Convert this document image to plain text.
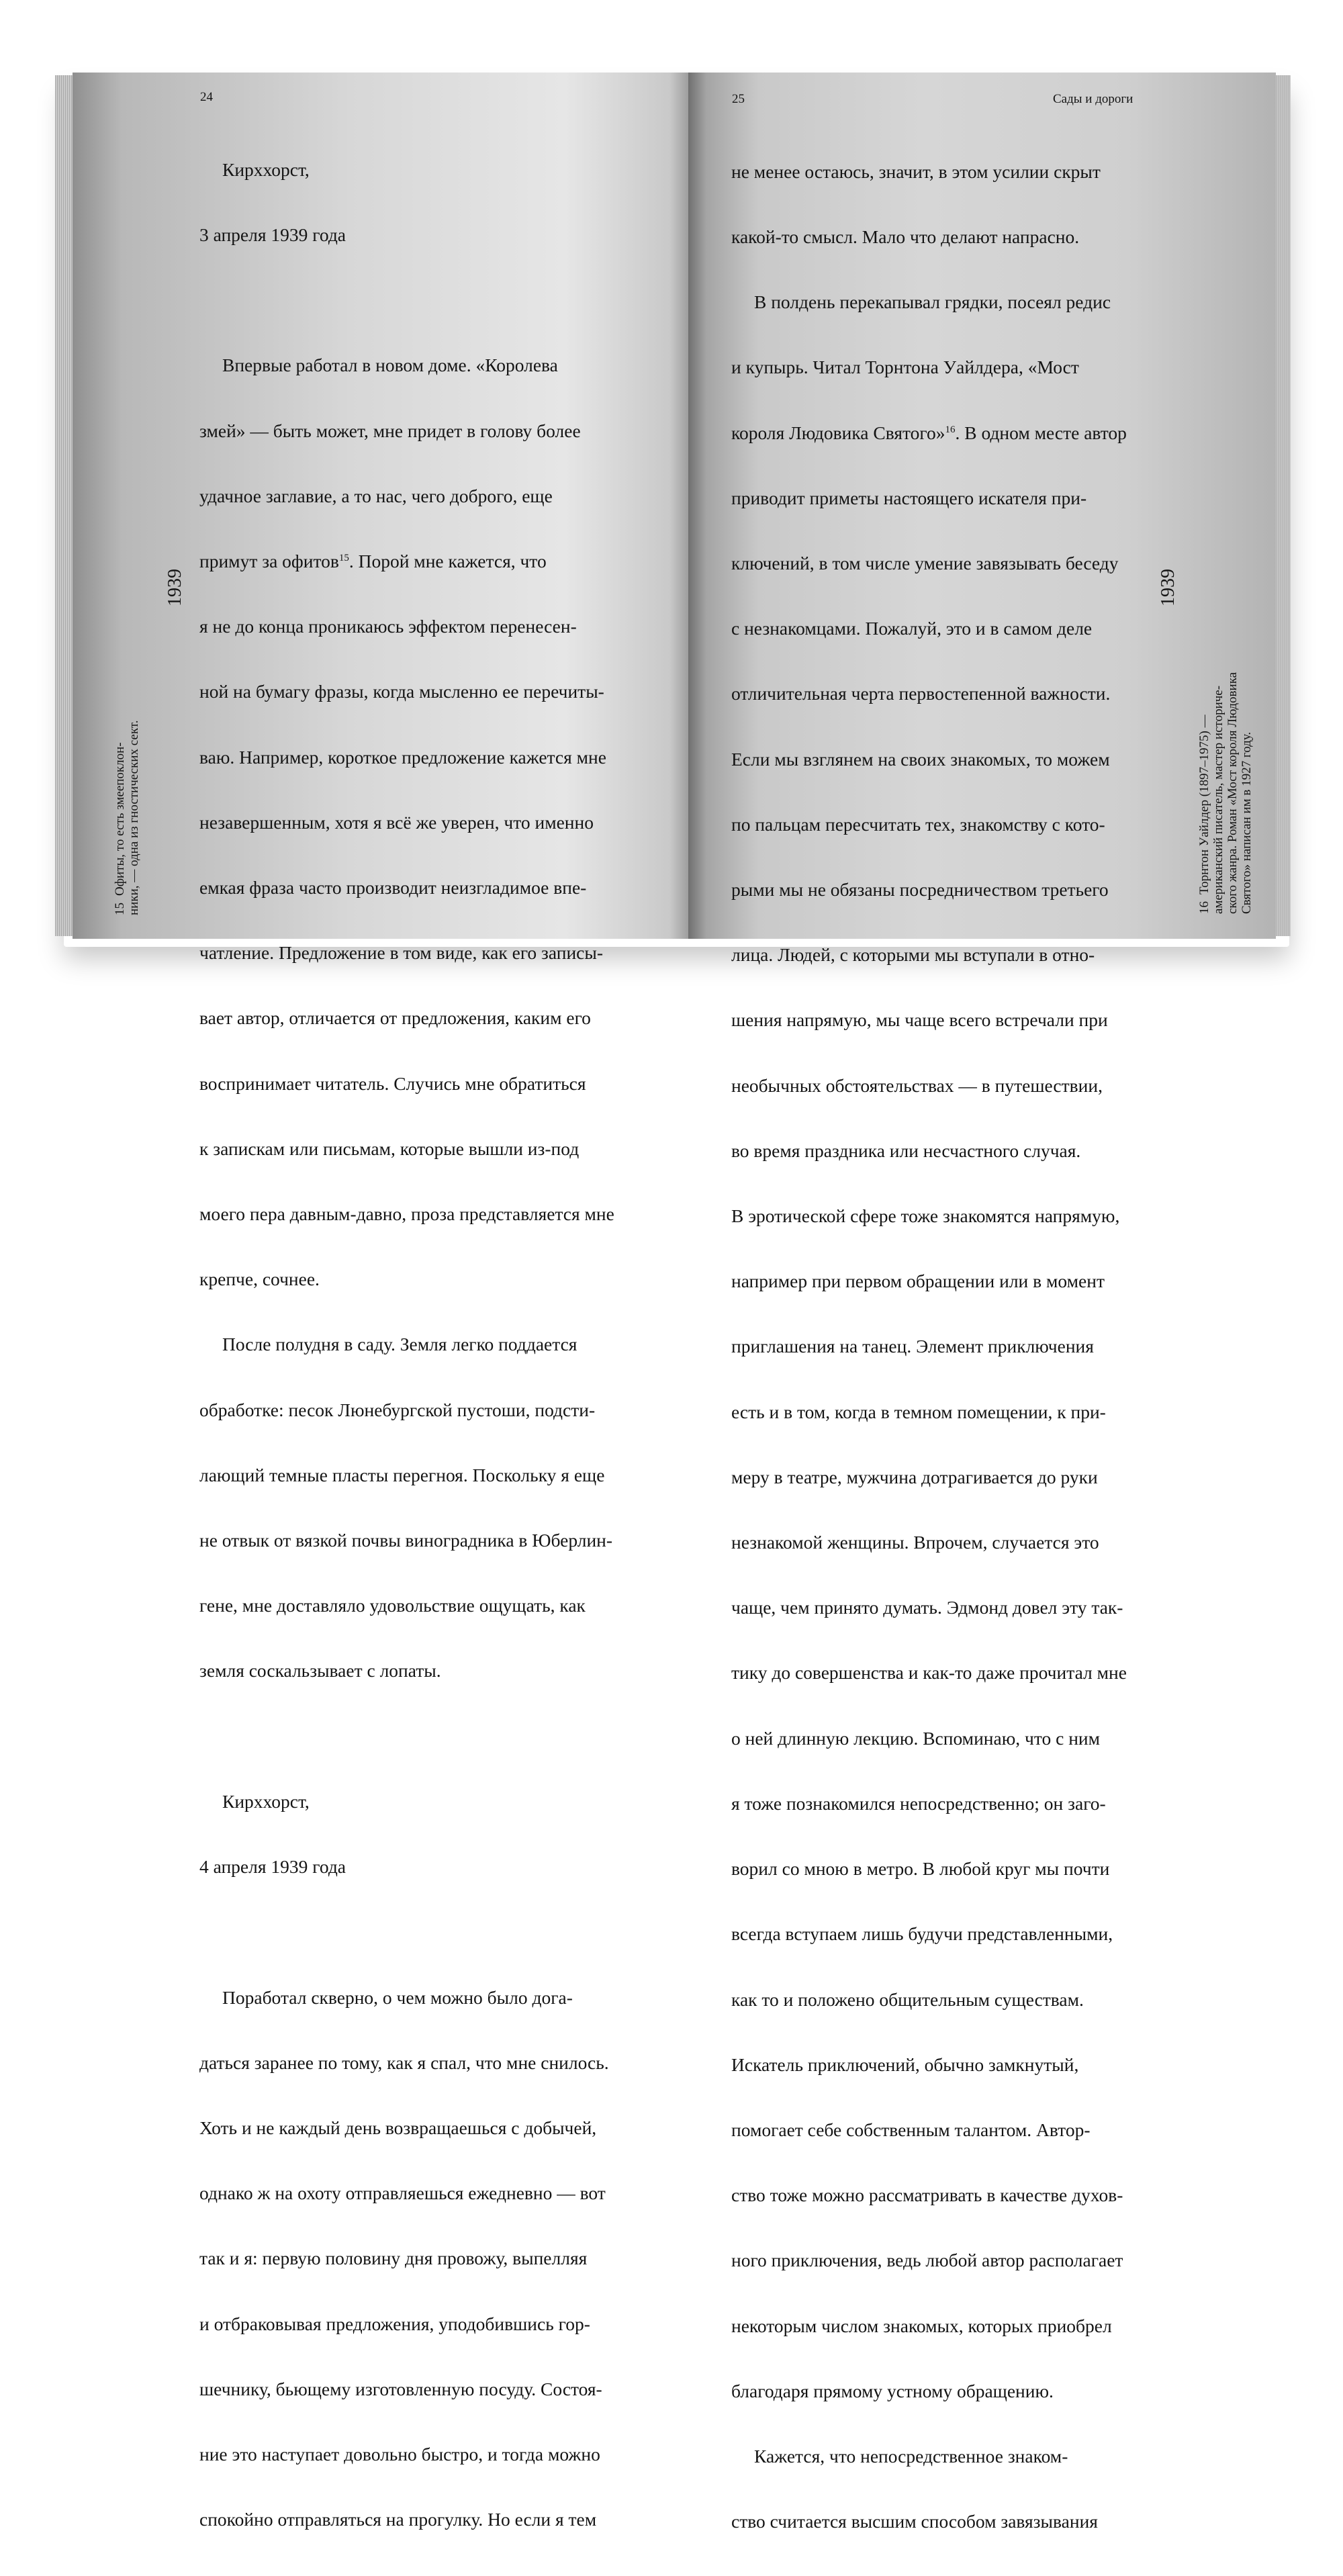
24
1939
15Офиты, то есть змеепоклон-
ники, — одна из гностических сект.

Кирххорст,

3 апреля 1939 года

Впервые работал в новом доме. «Королева

змей» — быть может, мне придет в голову более

удачное заглавие, а то нас, чего доброго, еще

примут за офитов$^{15}$. Порой мне кажется, что

я не до конца проникаюсь эффектом перенесен-

ной на бумагу фразы, когда мысленно ее перечиты-

ваю. Например, короткое предложение кажется мне

незавершенным, хотя я всё же уверен, что именно

емкая фраза часто производит неизгладимое впе-

чатление. Предложение в том виде, как его записы-

вает автор, отличается от предложения, каким его

воспринимает читатель. Случись мне обратиться

к запискам или письмам, которые вышли из-под

моего пера давным-давно, проза представляется мне

крепче, сочнее.

После полудня в саду. Земля легко поддается

обработке: песок Люнебургской пустоши, подсти-

лающий темные пласты перегноя. Поскольку я еще

не отвык от вязкой почвы виноградника в Юберлин-

гене, мне доставляло удовольствие ощущать, как

земля соскальзывает с лопаты.

Кирххорст,

4 апреля 1939 года

Поработал скверно, о чем можно было дога-

даться заранее по тому, как я спал, что мне снилось.

Хоть и не каждый день возвращаешься с добычей,

однако ж на охоту отправляешься ежедневно — вот

так и я: первую половину дня провожу, выпелляя

и отбраковывая предложения, уподобившись гор-

шечнику, бьющему изготовленную посуду. Состоя-

ние это наступает довольно быстро, и тогда можно

спокойно отправляться на прогулку. Но если я тем

25	Сады и дороги
1939
16Торнтон Уайлдер (1897–1975) —
американский писатель, мастер историче-
ского жанра. Роман «Мост короля Людовика
Святого» написан им в 1927 году.

не менее остаюсь, значит, в этом усилии скрыт

какой-то смысл. Мало что делают напрасно.

В полдень перекапывал грядки, посеял редис

и купырь. Читал Торнтона Уайлдера, «Мост

короля Людовика Святого»$^{16}$. В одном месте автор

приводит приметы настоящего искателя при-

ключений, в том числе умение завязывать беседу

с незнакомцами. Пожалуй, это и в самом деле

отличительная черта первостепенной важности.

Если мы взглянем на своих знакомых, то можем

по пальцам пересчитать тех, знакомству с кото-

рыми мы не обязаны посредничеством третьего

лица. Людей, с которыми мы вступали в отно-

шения напрямую, мы чаще всего встречали при

необычных обстоятельствах — в путешествии,

во время праздника или несчастного случая.

В эротической сфере тоже знакомятся напрямую,

например при первом обращении или в момент

приглашения на танец. Элемент приключения

есть и в том, когда в темном помещении, к при-

меру в театре, мужчина дотрагивается до руки

незнакомой женщины. Впрочем, случается это

чаще, чем принято думать. Эдмонд довел эту так-

тику до совершенства и как-то даже прочитал мне

о ней длинную лекцию. Вспоминаю, что с ним

я тоже познакомился непосредственно; он заго-

ворил со мною в метро. В любой круг мы почти

всегда вступаем лишь будучи представленными,

как то и положено общительным существам.

Искатель приключений, обычно замкнутый,

помогает себе собственным талантом. Автор-

ство тоже можно рассматривать в качестве духов-

ного приключения, ведь любой автор располагает

некоторым числом знакомых, которых приобрел

благодаря прямому устному обращению.

Кажется, что непосредственное знаком-

ство считается высшим способом завязывания
